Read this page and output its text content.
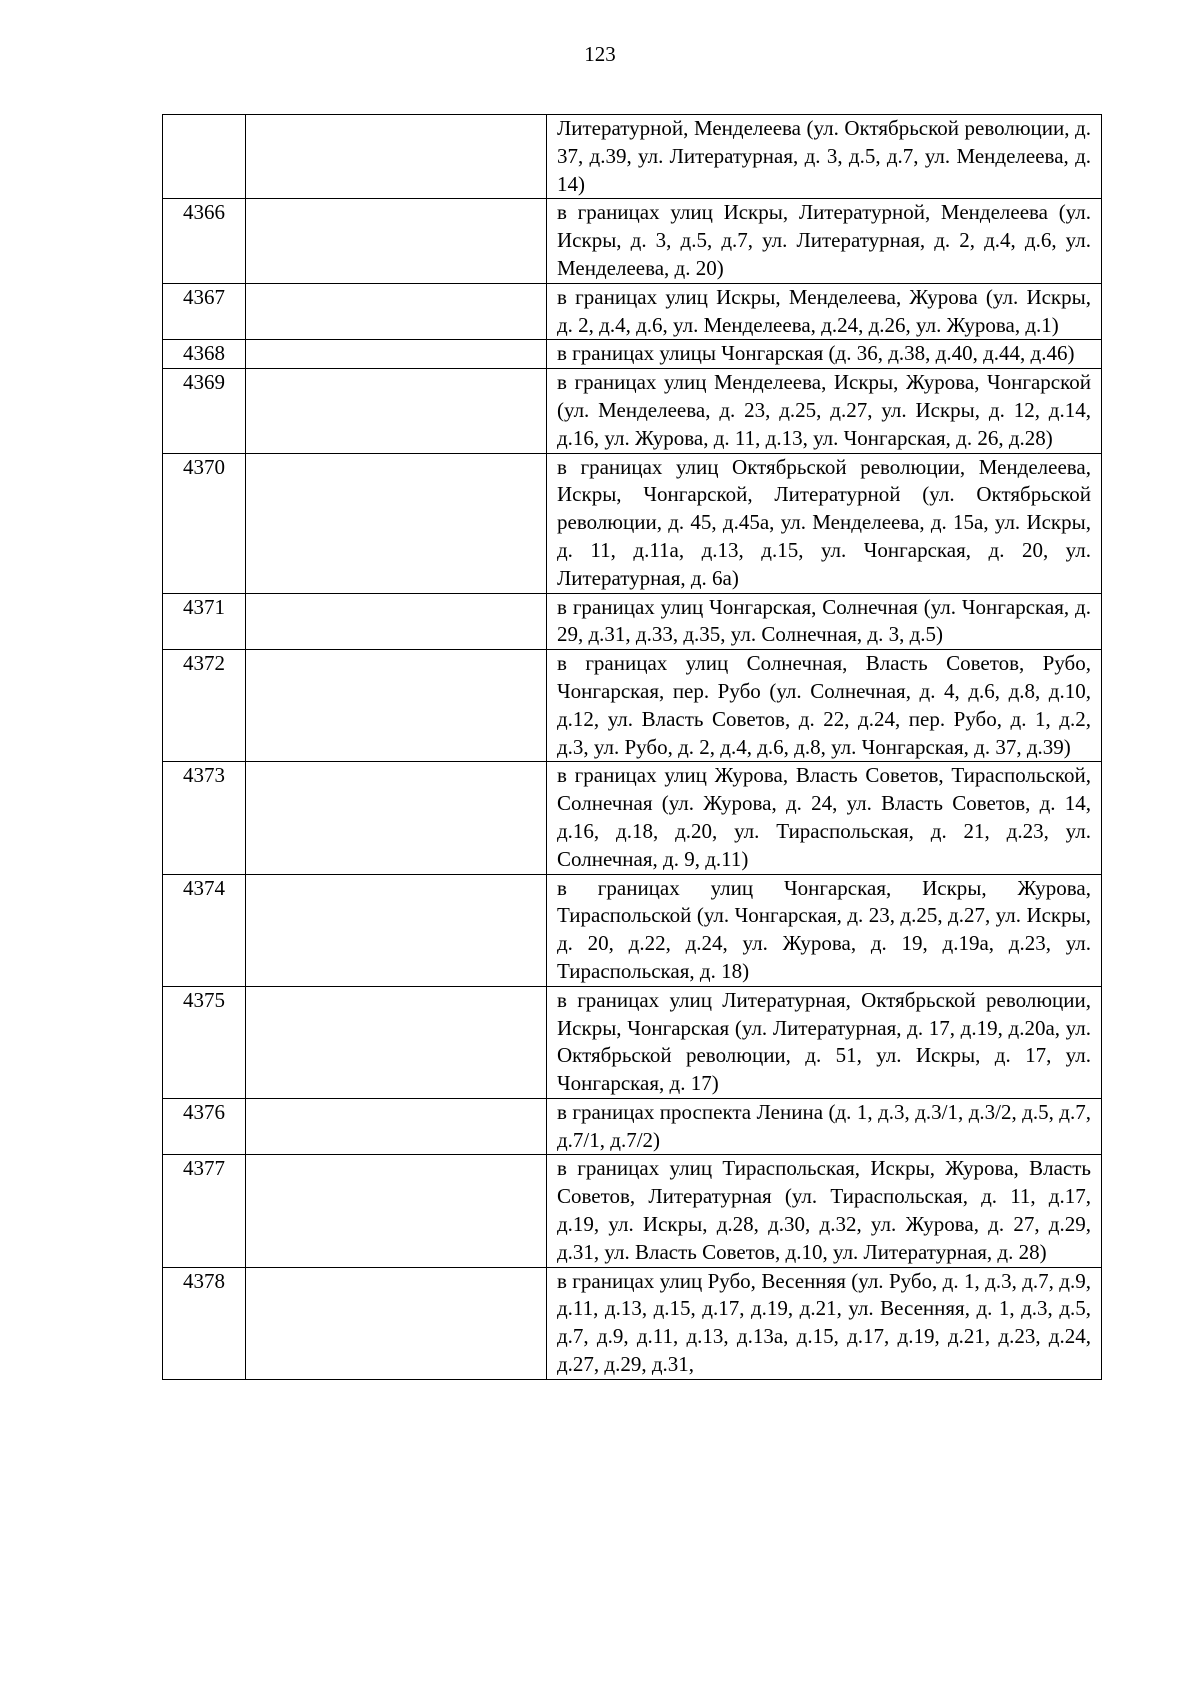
123
		Литературной, Менделеева (ул. Октябрьской революции, д. 37, д.39, ул. Литературная, д. 3, д.5, д.7, ул. Менделеева, д. 14)
4366		в границах улиц Искры, Литературной, Менделеева (ул. Искры, д. 3, д.5, д.7, ул. Литературная, д. 2, д.4, д.6, ул. Менделеева, д. 20)
4367		в границах улиц Искры, Менделеева, Журова (ул. Искры, д. 2, д.4, д.6, ул. Менделеева, д.24, д.26, ул. Журова, д.1)
4368		в границах улицы Чонгарская (д. 36, д.38, д.40, д.44, д.46)
4369		в границах улиц Менделеева, Искры, Журова, Чонгарской (ул. Менделеева, д. 23, д.25, д.27, ул. Искры, д. 12, д.14, д.16, ул. Журова, д. 11, д.13, ул. Чонгарская, д. 26, д.28)
4370		в границах улиц Октябрьской революции, Менделеева, Искры, Чонгарской, Литературной (ул. Октябрьской революции, д. 45, д.45а, ул. Менделеева, д. 15а, ул. Искры, д. 11, д.11а, д.13, д.15, ул. Чонгарская, д. 20, ул. Литературная, д. 6а)
4371		в границах улиц Чонгарская, Солнечная (ул. Чонгарская, д. 29, д.31, д.33, д.35, ул. Солнечная, д. 3, д.5)
4372		в границах улиц Солнечная, Власть Советов, Рубо, Чонгарская, пер. Рубо (ул. Солнечная, д. 4, д.6, д.8, д.10, д.12, ул. Власть Советов, д. 22, д.24, пер. Рубо, д. 1, д.2, д.3, ул. Рубо, д. 2, д.4, д.6, д.8, ул. Чонгарская, д. 37, д.39)
4373		в границах улиц Журова, Власть Советов, Тираспольской, Солнечная (ул. Журова, д. 24, ул. Власть Советов, д. 14, д.16, д.18, д.20, ул. Тираспольская, д. 21, д.23, ул. Солнечная, д. 9, д.11)
4374		в границах улиц Чонгарская, Искры, Журова, Тираспольской (ул. Чонгарская, д. 23, д.25, д.27, ул. Искры, д. 20, д.22, д.24, ул. Журова, д. 19, д.19а, д.23, ул. Тираспольская, д. 18)
4375		в границах улиц Литературная, Октябрьской революции, Искры, Чонгарская (ул. Литературная, д. 17, д.19, д.20а, ул. Октябрьской революции, д. 51, ул. Искры, д. 17, ул. Чонгарская, д. 17)
4376		в границах проспекта Ленина (д. 1, д.3, д.3/1, д.3/2, д.5, д.7, д.7/1, д.7/2)
4377		в границах улиц Тираспольская, Искры, Журова, Власть Советов, Литературная (ул. Тираспольская, д. 11, д.17, д.19, ул. Искры, д.28, д.30, д.32, ул. Журова, д. 27, д.29, д.31, ул. Власть Советов, д.10, ул. Литературная, д. 28)
4378		в границах улиц Рубо, Весенняя (ул. Рубо, д. 1, д.3, д.7, д.9, д.11, д.13, д.15, д.17, д.19, д.21, ул. Весенняя, д. 1, д.3, д.5, д.7, д.9, д.11, д.13, д.13а, д.15, д.17, д.19, д.21, д.23, д.24, д.27, д.29, д.31,
